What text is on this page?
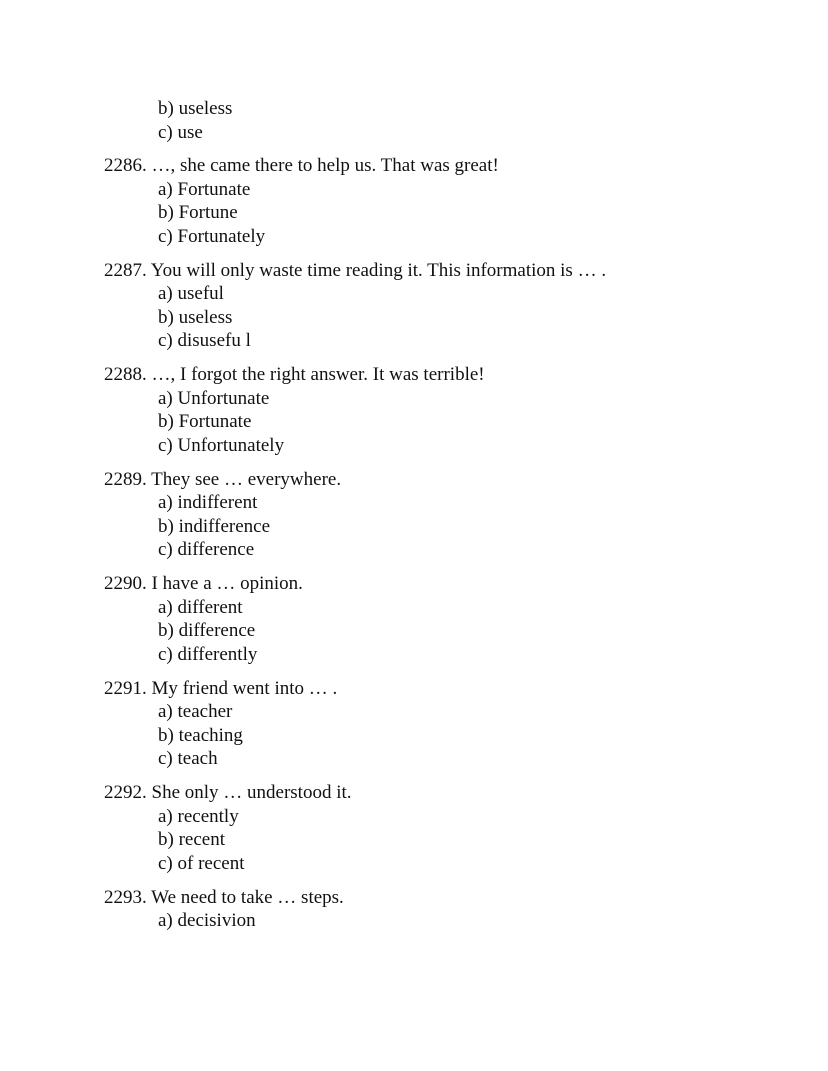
b) useless
c) use
2286. …, she came there to help us. That was great!
a) Fortunate
b) Fortune
c) Fortunately
2287. You will only waste time reading it. This information is … .
a) useful
b) useless
c) disusefu l
2288. …, I forgot the right answer. It was terrible!
a) Unfortunate
b) Fortunate
c) Unfortunately
2289. They see … everywhere.
a) indifferent
b) indifference
c) difference
2290. I have a … opinion.
a) different
b) difference
c) differently
2291. My friend went into … .
a) teacher
b) teaching
c) teach
2292. She only … understood it.
a) recently
b) recent
c) of recent
2293. We need to take … steps.
a) decisivion
